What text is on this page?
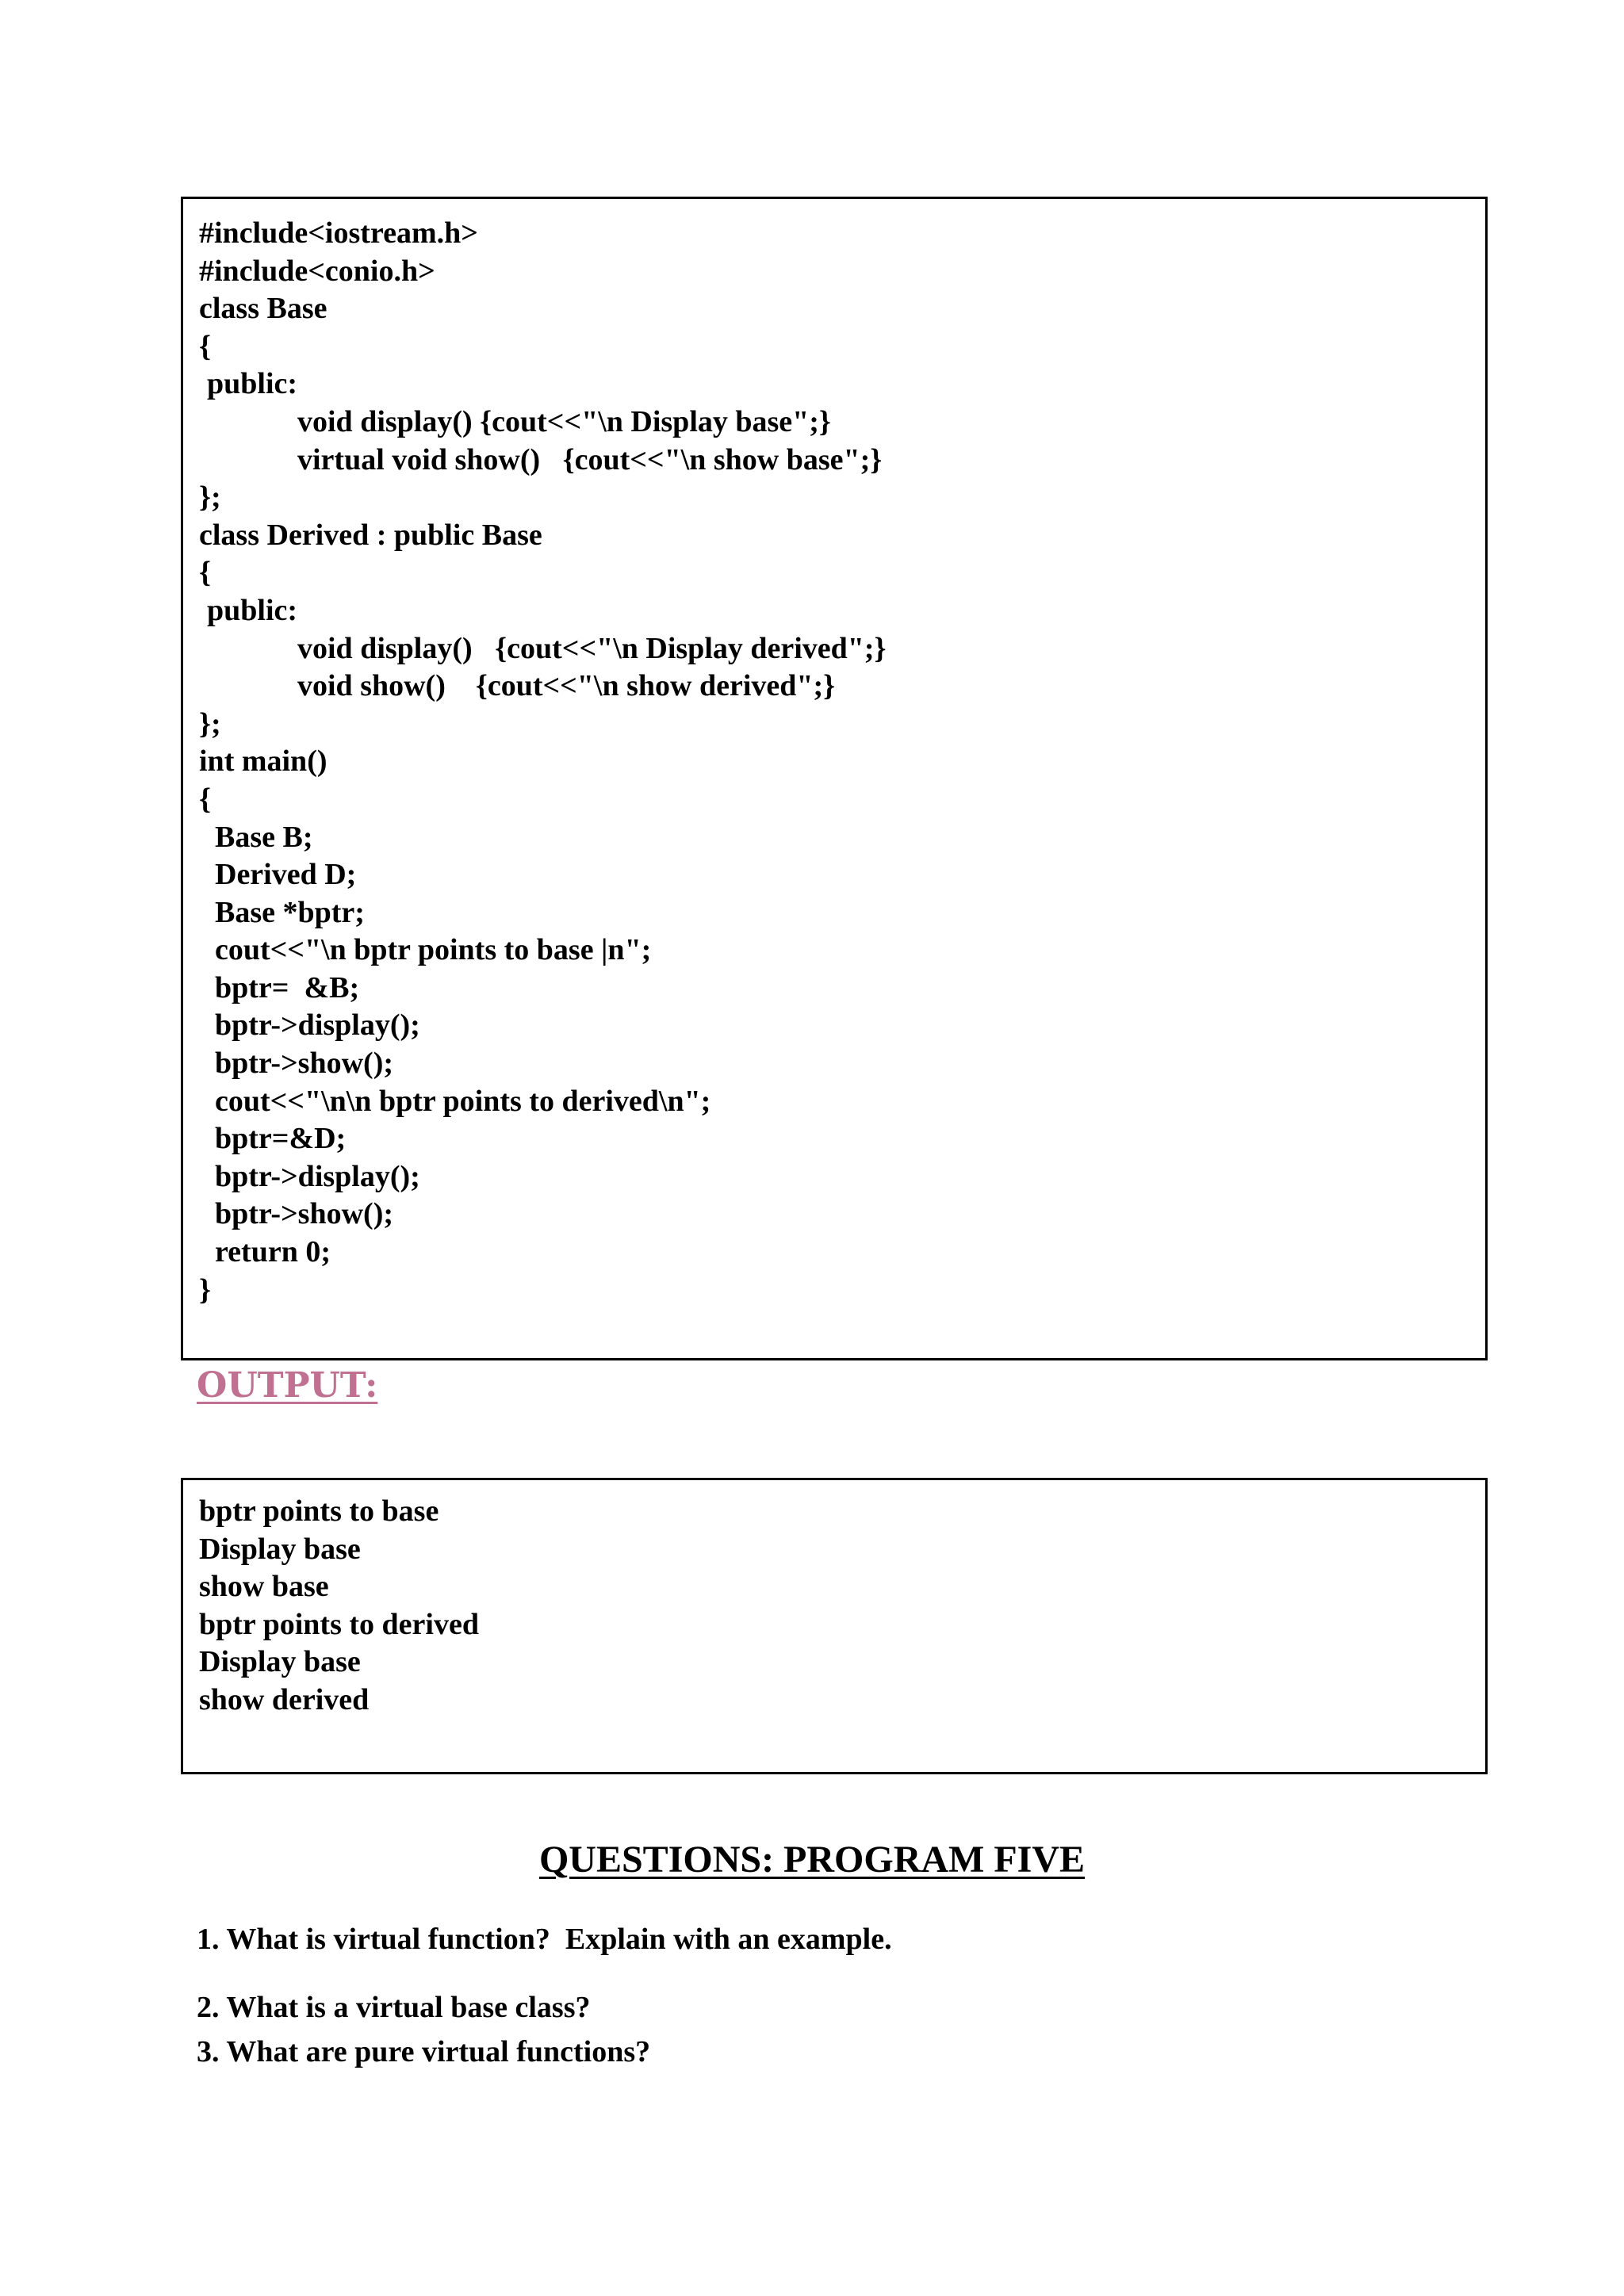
#include<iostream.h>
#include<conio.h>
class Base
{
public:
void display() {cout<<"\n Display base";}
virtual void show()   {cout<<"\n show base";}
};
class Derived : public Base
{
public:
void display()   {cout<<"\n Display derived";}
void show()    {cout<<"\n show derived";}
};
int main()
{
Base B;
Derived D;
Base *bptr;
cout<<"\n bptr points to base |n";
bptr=  &B;
bptr->display();
bptr->show();
cout<<"\n\n bptr points to derived\n";
bptr=&D;
bptr->display();
bptr->show();
return 0;
}
OUTPUT:
bptr points to base
Display base
show base
bptr points to derived
Display base
show derived
QUESTIONS: PROGRAM FIVE
1. What is virtual function?  Explain with an example.
2. What is a virtual base class?
3. What are pure virtual functions?
